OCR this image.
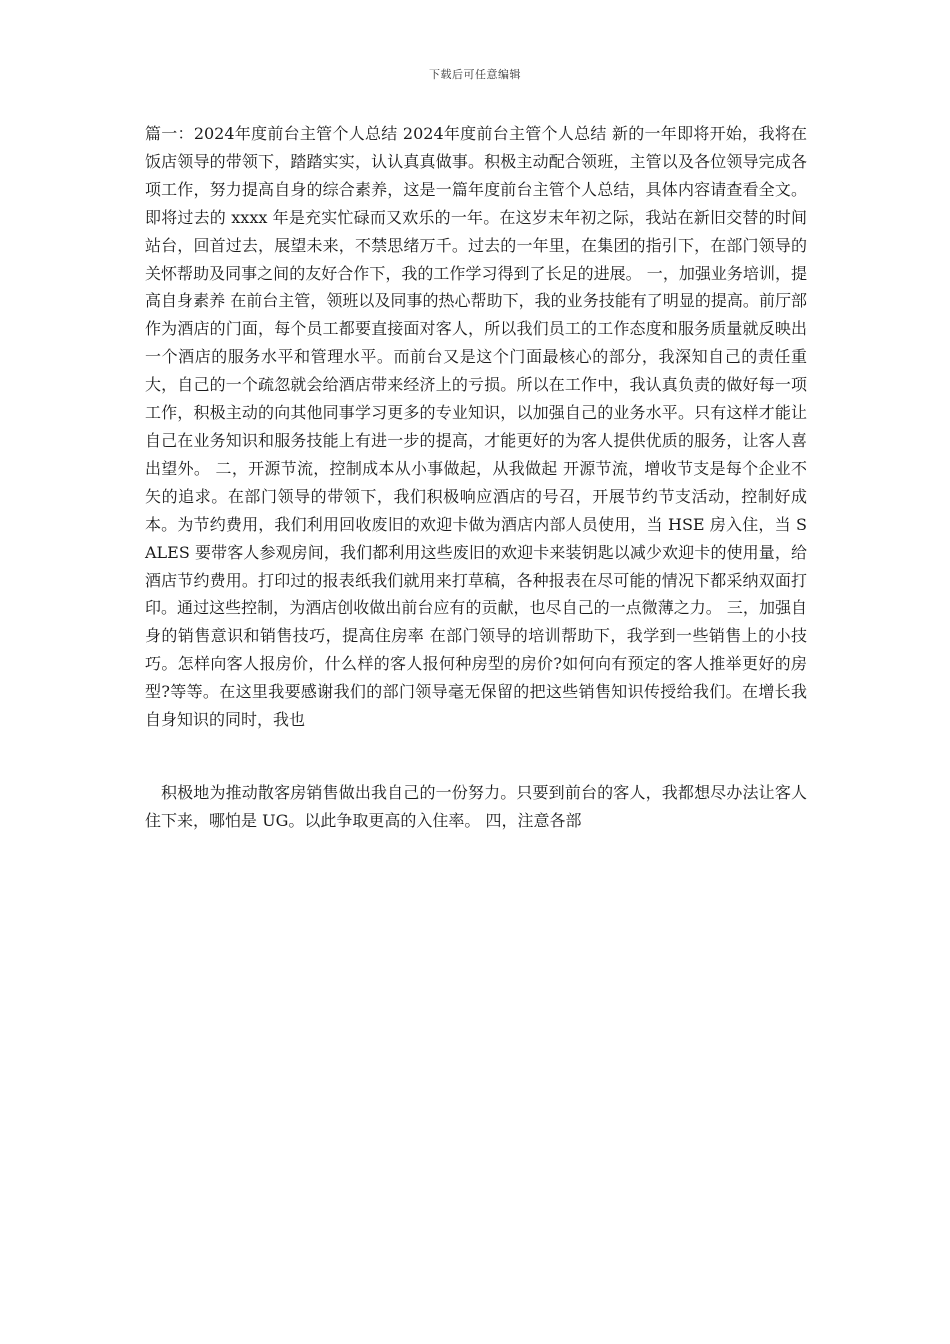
下载后可任意编辑

篇一：2024年度前台主管个人总结 2024年度前台主管个人总结 新的一年即将开始，我将在饭店领导的带领下，踏踏实实，认认真真做事。积极主动配合领班，主管以及各位领导完成各项工作，努力提高自身的综合素养，这是一篇年度前台主管个人总结，具体内容请查看全文。 即将过去的 xxxx 年是充实忙碌而又欢乐的一年。在这岁末年初之际，我站在新旧交替的时间站台，回首过去，展望未来，不禁思绪万千。过去的一年里，在集团的指引下，在部门领导的关怀帮助及同事之间的友好合作下，我的工作学习得到了长足的进展。 一，加强业务培训，提高自身素养 在前台主管，领班以及同事的热心帮助下，我的业务技能有了明显的提高。前厅部作为酒店的门面，每个员工都要直接面对客人，所以我们员工的工作态度和服务质量就反映出一个酒店的服务水平和管理水平。而前台又是这个门面最核心的部分，我深知自己的责任重大，自己的一个疏忽就会给酒店带来经济上的亏损。所以在工作中，我认真负责的做好每一项工作，积极主动的向其他同事学习更多的专业知识，以加强自己的业务水平。只有这样才能让自己在业务知识和服务技能上有进一步的提高，才能更好的为客人提供优质的服务，让客人喜出望外。 二，开源节流，控制成本从小事做起，从我做起 开源节流，增收节支是每个企业不矢的追求。在部门领导的带领下，我们积极响应酒店的号召，开展节约节支活动，控制好成本。为节约费用，我们利用回收废旧的欢迎卡做为酒店内部人员使用，当 HSE 房入住，当 SALES 要带客人参观房间，我们都利用这些废旧的欢迎卡来装钥匙以减少欢迎卡的使用量，给酒店节约费用。打印过的报表纸我们就用来打草稿，各种报表在尽可能的情况下都采纳双面打印。通过这些控制，为酒店创收做出前台应有的贡献，也尽自己的一点微薄之力。 三，加强自身的销售意识和销售技巧，提高住房率 在部门领导的培训帮助下，我学到一些销售上的小技巧。怎样向客人报房价，什么样的客人报何种房型的房价?如何向有预定的客人推举更好的房型?等等。在这里我要感谢我们的部门领导毫无保留的把这些销售知识传授给我们。在增长我自身知识的同时，我也

积极地为推动散客房销售做出我自己的一份努力。只要到前台的客人，我都想尽办法让客人住下来，哪怕是 UG。以此争取更高的入住率。 四，注意各部
